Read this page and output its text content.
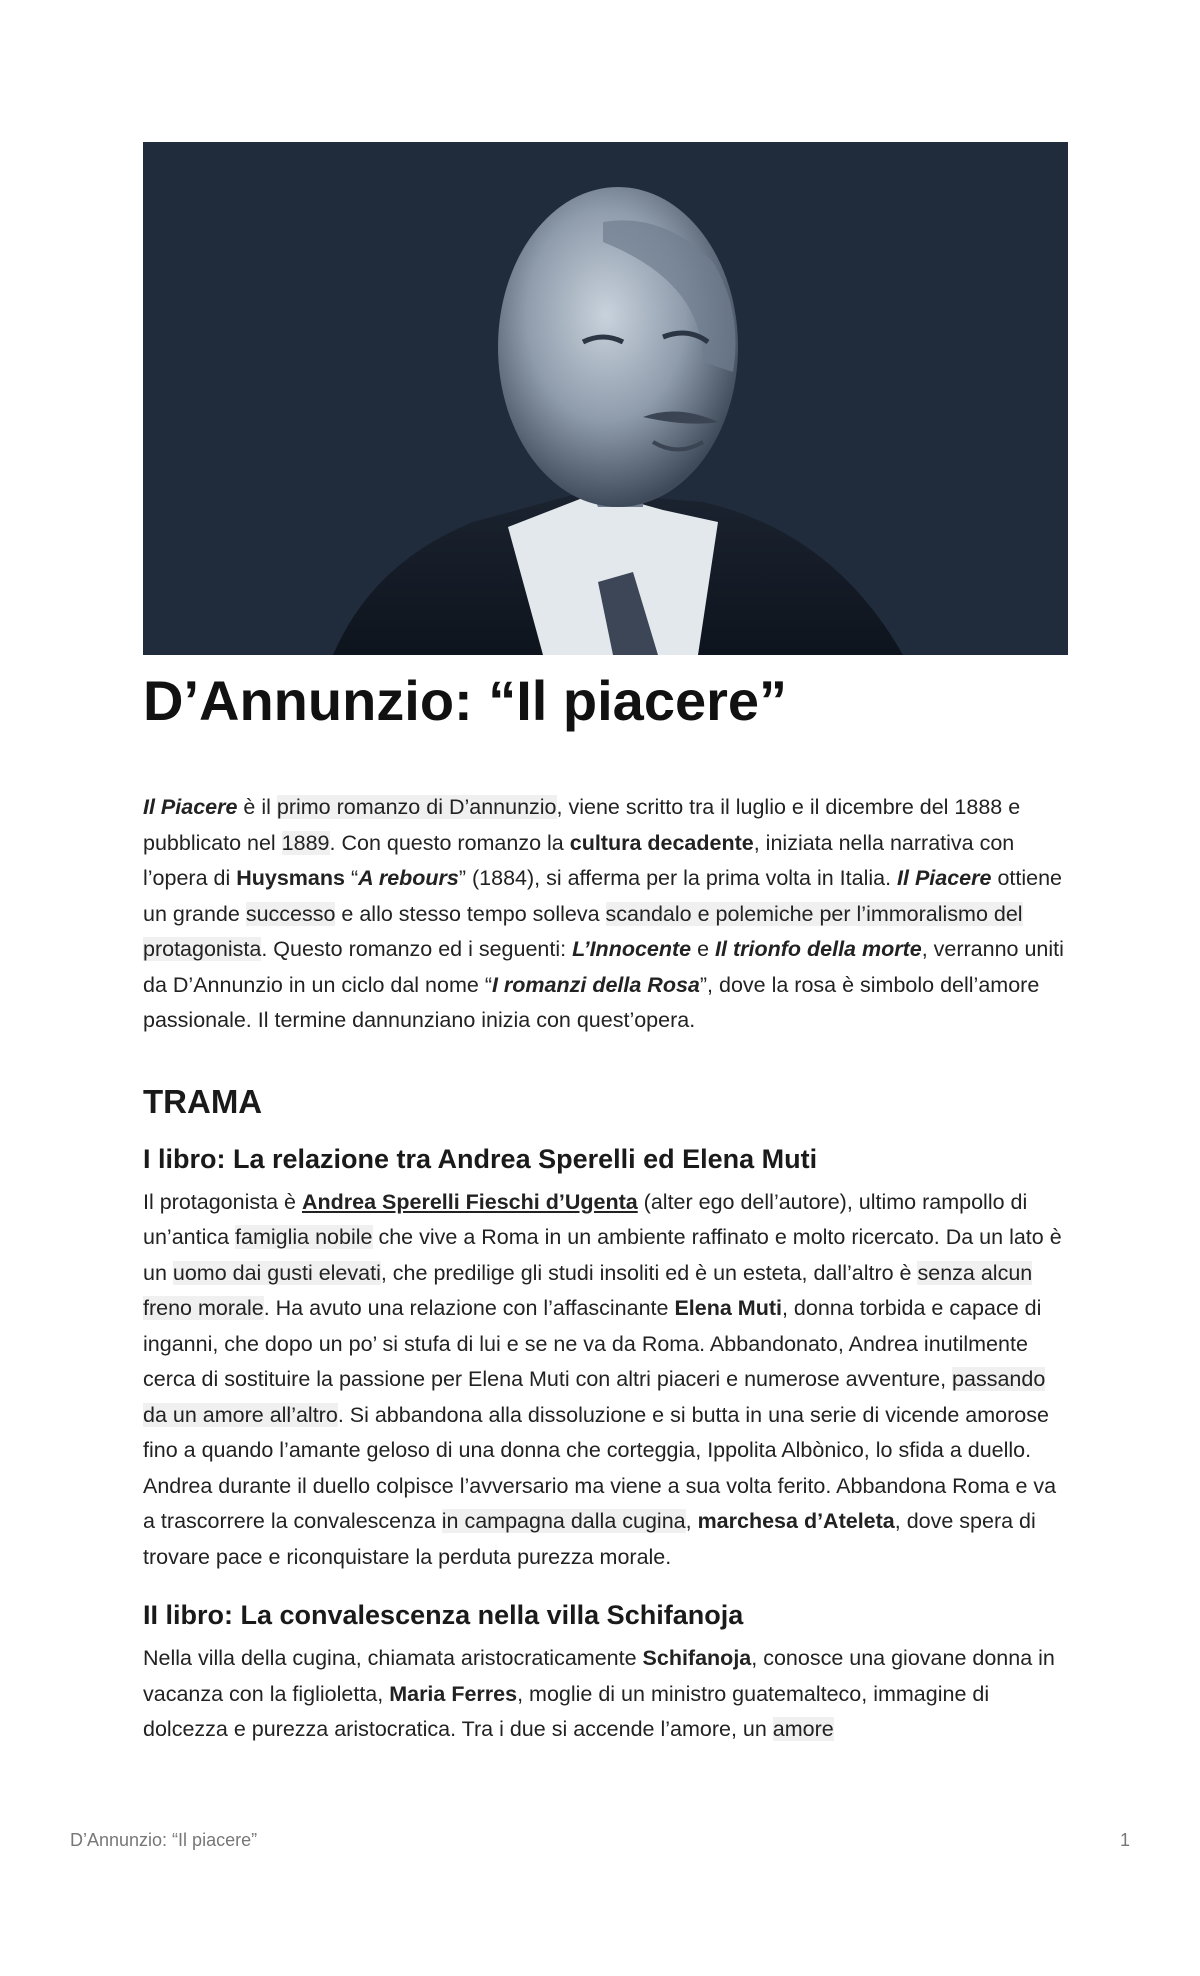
D’Annunzio: “Il piacere”

Il Piacere è il primo romanzo di D’annunzio, viene scritto tra il luglio e il dicembre del 1888 e pubblicato nel 1889. Con questo romanzo la cultura decadente, iniziata nella narrativa con l’opera di Huysmans “A rebours” (1884), si afferma per la prima volta in Italia. Il Piacere ottiene un grande successo e allo stesso tempo solleva scandalo e polemiche per l’immoralismo del protagonista. Questo romanzo ed i seguenti: L’Innocente e Il trionfo della morte, verranno uniti da D’Annunzio in un ciclo dal nome “I romanzi della Rosa”, dove la rosa è simbolo dell’amore passionale. Il termine dannunziano inizia con quest’opera.

TRAMA
I libro: La relazione tra Andrea Sperelli ed Elena Muti

Il protagonista è Andrea Sperelli Fieschi d’Ugenta (alter ego dell’autore), ultimo rampollo di un’antica famiglia nobile che vive a Roma in un ambiente raffinato e molto ricercato. Da un lato è un uomo dai gusti elevati, che predilige gli studi insoliti ed è un esteta, dall’altro è senza alcun freno morale. Ha avuto una relazione con l’affascinante Elena Muti, donna torbida e capace di inganni, che dopo un po’ si stufa di lui e se ne va da Roma. Abbandonato, Andrea inutilmente cerca di sostituire la passione per Elena Muti con altri piaceri e numerose avventure, passando da un amore all’altro. Si abbandona alla dissoluzione e si butta in una serie di vicende amorose fino a quando l’amante geloso di una donna che corteggia, Ippolita Albònico, lo sfida a duello. Andrea durante il duello colpisce l’avversario ma viene a sua volta ferito. Abbandona Roma e va a trascorrere la convalescenza in campagna dalla cugina, marchesa d’Ateleta, dove spera di trovare pace e riconquistare la perduta purezza morale.

II libro: La convalescenza nella villa Schifanoja

Nella villa della cugina, chiamata aristocraticamente Schifanoja, conosce una giovane donna in vacanza con la figlioletta, Maria Ferres, moglie di un ministro guatemalteco, immagine di dolcezza e purezza aristocratica. Tra i due si accende l’amore, un amore

D’Annunzio: “Il piacere”	1
